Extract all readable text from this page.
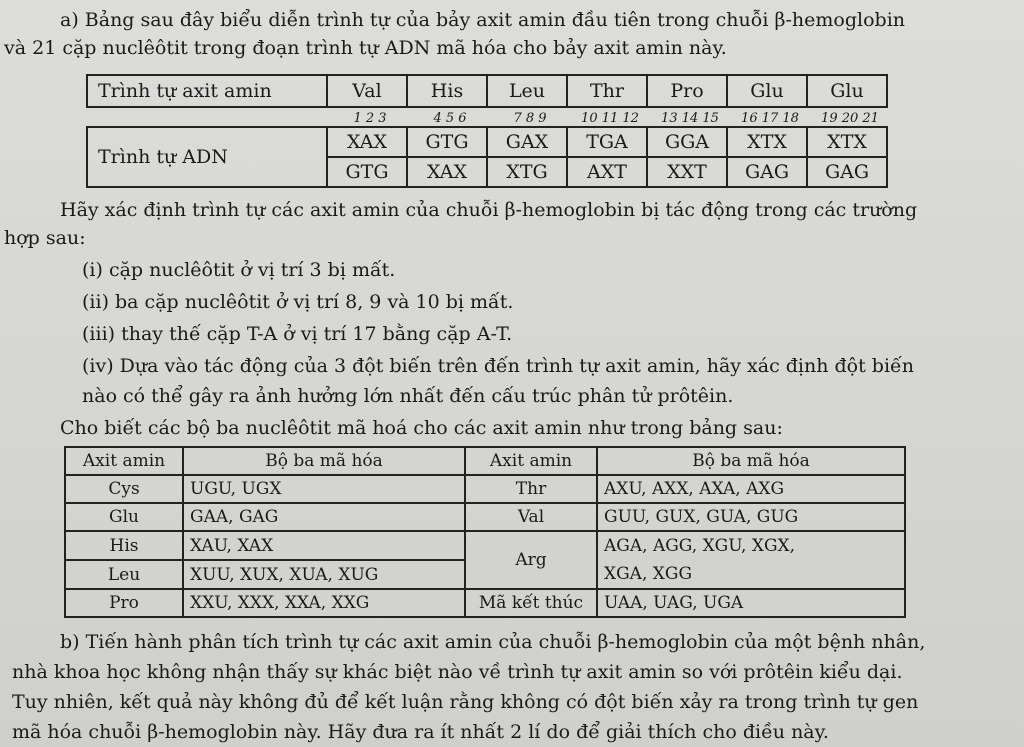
a) Bảng sau đây biểu diễn trình tự của bảy axit amin đầu tiên trong chuỗi β-hemoglobin
và 21 cặp nuclêôtit trong đoạn trình tự ADN mã hóa cho bảy axit amin này.
Trình tự axit amin	Val	His	Leu	Thr	Pro	Glu	Glu
1 2 3	4 5 6	7 8 9	10 11 12	13 14 15	16 17 18	19 20 21
Trình tự ADN	XAX	GTG	GAX	TGA	GGA	XTX	XTX
	GTG	XAX	XTG	AXT	XXT	GAG	GAG
Hãy xác định trình tự các axit amin của chuỗi β-hemoglobin bị tác động trong các trường
hợp sau:
(i) cặp nuclêôtit ở vị trí 3 bị mất.
(ii) ba cặp nuclêôtit ở vị trí 8, 9 và 10 bị mất.
(iii) thay thế cặp T-A ở vị trí 17 bằng cặp A-T.
(iv) Dựa vào tác động của 3 đột biến trên đến trình tự axit amin, hãy xác định đột biến
nào có thể gây ra ảnh hưởng lớn nhất đến cấu trúc phân tử prôtêin.
Cho biết các bộ ba nuclêôtit mã hoá cho các axit amin như trong bảng sau:
Axit amin	Bộ ba mã hóa	Axit amin	Bộ ba mã hóa
Cys	UGU, UGX	Thr	AXU, AXX, AXA, AXG
Glu	GAA, GAG	Val	GUU, GUX, GUA, GUG
His	XAU, XAX	Arg	AGA, AGG, XGU, XGX,
XGA, XGG

Leu	XUU, XUX, XUA, XUG		
Pro	XXU, XXX, XXA, XXG	Mã kết thúc	UAA, UAG, UGA
b) Tiến hành phân tích trình tự các axit amin của chuỗi β-hemoglobin của một bệnh nhân,
nhà khoa học không nhận thấy sự khác biệt nào về trình tự axit amin so với prôtêin kiểu dại.
Tuy nhiên, kết quả này không đủ để kết luận rằng không có đột biến xảy ra trong trình tự gen
mã hóa chuỗi β-hemoglobin này. Hãy đưa ra ít nhất 2 lí do để giải thích cho điều này.
